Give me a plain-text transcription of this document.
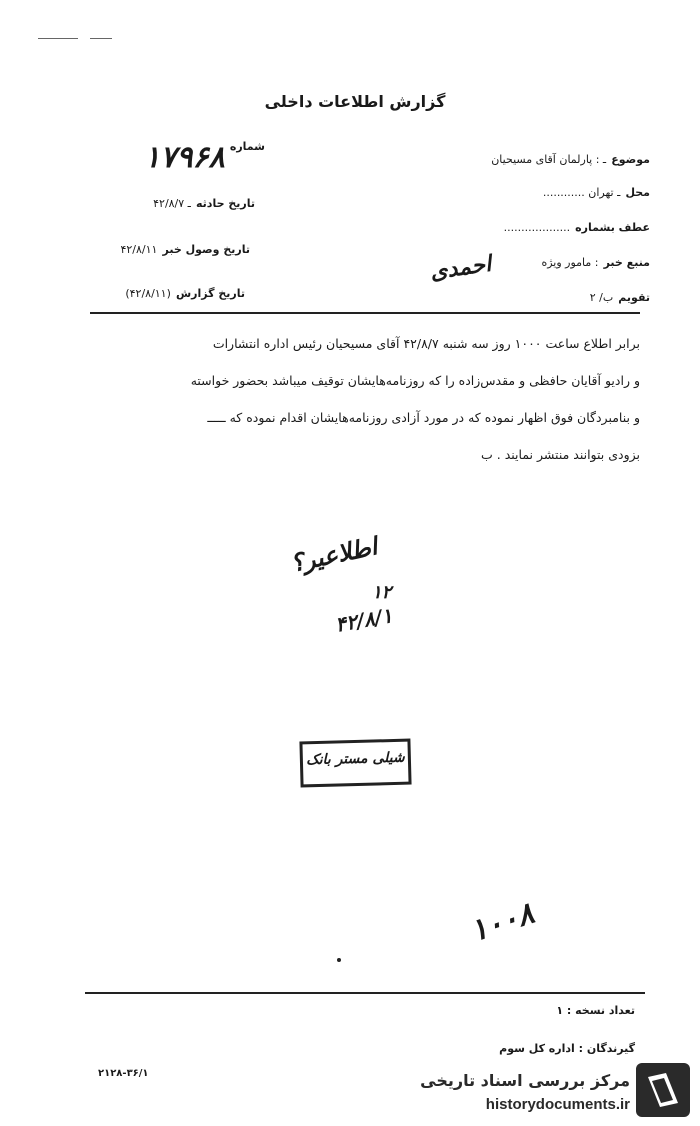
گزارش اطلاعات داخلی
موضوع ـ : پارلمان آقای مسیحیان
محل ـ تهران ............
عطف بشماره ...................
منبع خبر : مامور ویژه
تقویم ب/ ۲
$^{شماره}$ ۱۷۹۶۸
تاریخ حادثه ـ ۴۲/۸/۷
تاریخ وصول خبر ۴۲/۸/۱۱
تاریخ گزارش (۴۲/۸/۱۱)
احمدی
برابر اطلاع ساعت ۱۰۰۰ روز سه شنبه ۴۲/۸/۷ آقای مسیحیان رئیس اداره انتشارات
و رادیو آقایان حافظی و مقدس‌زاده را که روزنامه‌هایشان توقیف میباشد بحضور خواسته
و بنامبردگان فوق اظهار نموده که در مورد آزادی روزنامه‌هایشان اقدام نموده که ـــــ
بزودی بتوانند منتشر نمایند . ب
اطلاعیر؟
۱۲
۴۲/۸/۱
شیلی مستر بانک
۱۰۰۸
تعداد نسخه : ۱
گیرندگان : اداره کل سوم
۲۱۲۸-۳۶/۱	مرکز بررسی اسناد تاریخی
historydocuments.ir
